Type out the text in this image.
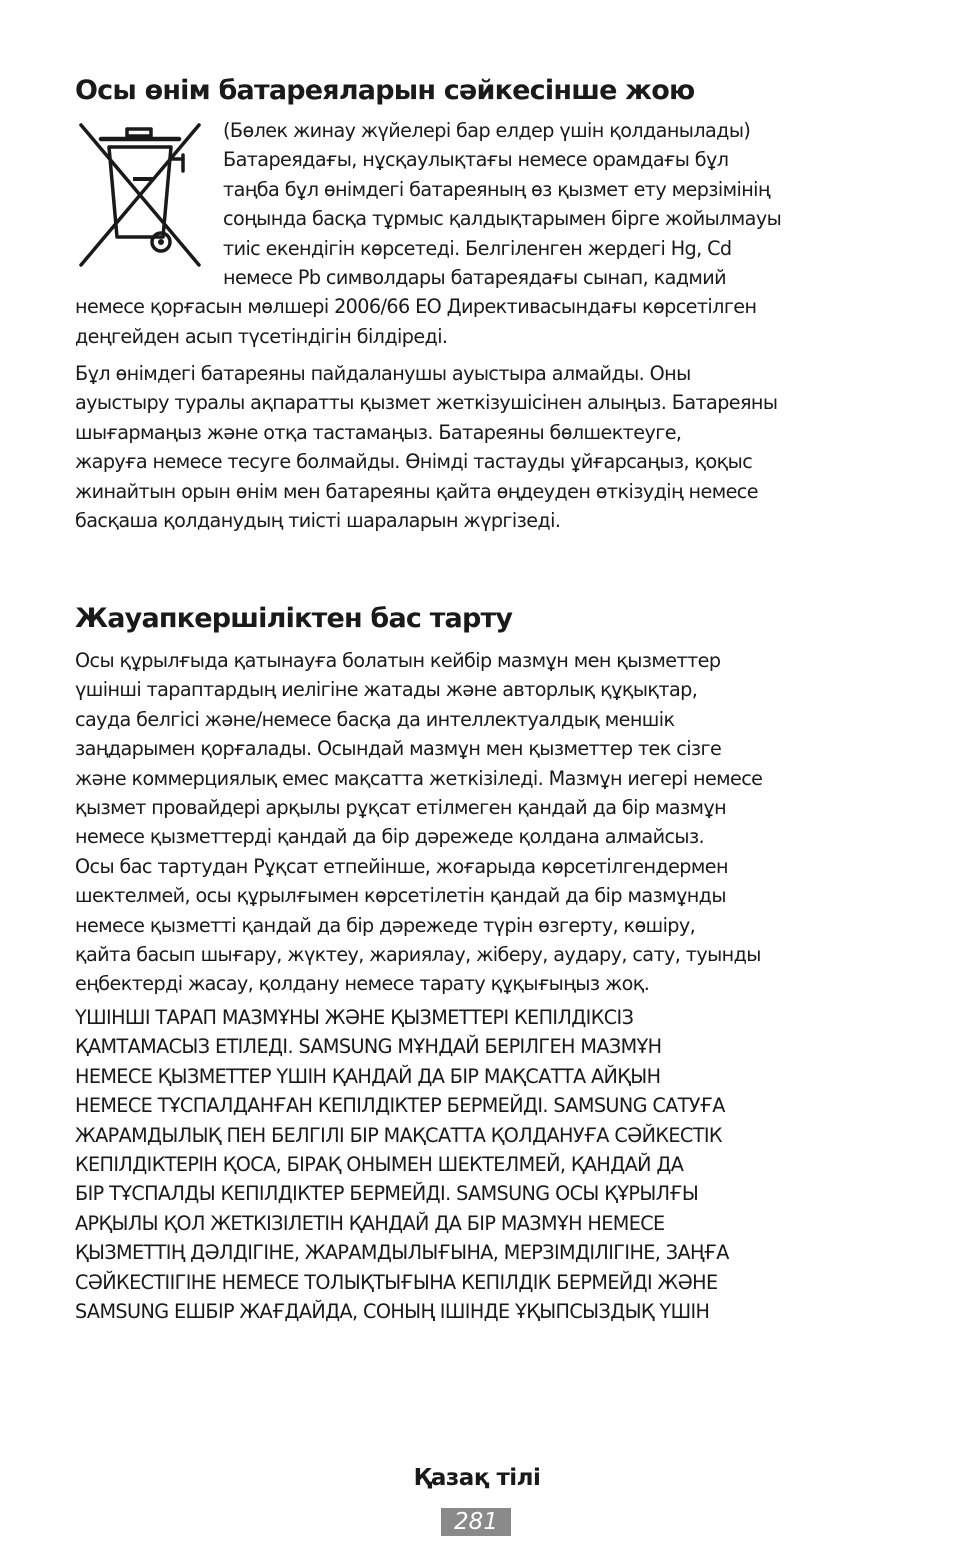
Осы өнім батареяларын сәйкесінше жою

(Бөлек жинау жүйелері бар елдер үшін қолданылады)
Батареядағы, нұсқаулықтағы немесе орамдағы бұл
таңба бұл өнімдегі батареяның өз қызмет ету мерзімінің
соңында басқа тұрмыс қалдықтарымен бірге жойылмауы
тиіс екендігін көрсетеді. Белгіленген жердегі Hg, Cd
немесе Pb символдары батареядағы сынап, кадмий
немесе қорғасын мөлшері 2006/66 ЕО Директивасындағы көрсетілген
деңгейден асып түсетіндігін білдіреді.

Бұл өнімдегі батареяны пайдаланушы ауыстыра алмайды. Оны
ауыстыру туралы ақпаратты қызмет жеткізушісінен алыңыз. Батареяны
шығармаңыз және отқа тастамаңыз. Батареяны бөлшектеуге,
жаруға немесе тесуге болмайды. Өнімді тастауды ұйғарсаңыз, қоқыс
жинайтын орын өнім мен батареяны қайта өңдеуден өткізудің немесе
басқаша қолданудың тиісті шараларын жүргізеді.

Жауапкершіліктен бас тарту

Осы құрылғыда қатынауға болатын кейбір мазмұн мен қызметтер
үшінші тараптардың иелігіне жатады және авторлық құқықтар,
сауда белгісі және/немесе басқа да интеллектуалдық меншік
заңдарымен қорғалады. Осындай мазмұн мен қызметтер тек сізге
және коммерциялық емес мақсатта жеткізіледі. Мазмұн иегері немесе
қызмет провайдері арқылы рұқсат етілмеген қандай да бір мазмұн
немесе қызметтерді қандай да бір дәрежеде қолдана алмайсыз.
Осы бас тартудан Рұқсат етпейінше, жоғарыда көрсетілгендермен
шектелмей, осы құрылғымен көрсетілетін қандай да бір мазмұнды
немесе қызметті қандай да бір дәрежеде түрін өзгерту, көшіру,
қайта басып шығару, жүктеу, жариялау, жіберу, аудару, сату, туынды
еңбектерді жасау, қолдану немесе тарату құқығыңыз жоқ.

ҮШІНШІ ТАРАП МАЗМҰНЫ ЖӘНЕ ҚЫЗМЕТТЕРІ КЕПІЛДІКСІЗ
ҚАМТАМАСЫЗ ЕТІЛЕДІ. SAMSUNG МҰНДАЙ БЕРІЛГЕН МАЗМҰН
НЕМЕСЕ ҚЫЗМЕТТЕР ҮШІН ҚАНДАЙ ДА БІР МАҚСАТТА АЙҚЫН
НЕМЕСЕ ТҰСПАЛДАНҒАН КЕПІЛДІКТЕР БЕРМЕЙДІ. SAMSUNG САТУҒА
ЖАРАМДЫЛЫҚ ПЕН БЕЛГІЛІ БІР МАҚСАТТА ҚОЛДАНУҒА СӘЙКЕСТІК
КЕПІЛДІКТЕРІН ҚОСА, БІРАҚ ОНЫМЕН ШЕКТЕЛМЕЙ, ҚАНДАЙ ДА
БІР ТҰСПАЛДЫ КЕПІЛДІКТЕР БЕРМЕЙДІ. SAMSUNG ОСЫ ҚҰРЫЛҒЫ
АРҚЫЛЫ ҚОЛ ЖЕТКІЗІЛЕТІН ҚАНДАЙ ДА БІР МАЗМҰН НЕМЕСЕ
ҚЫЗМЕТТІҢ ДӘЛДІГІНЕ, ЖАРАМДЫЛЫҒЫНА, МЕРЗІМДІЛІГІНЕ, ЗАҢҒА
СӘЙКЕСТІІГІНЕ НЕМЕСЕ ТОЛЫҚТЫҒЫНА КЕПІЛДІК БЕРМЕЙДІ ЖӘНЕ
SAMSUNG ЕШБІР ЖАҒДАЙДА, СОНЫҢ ІШІНДЕ ҰҚЫПСЫЗДЫҚ ҮШІН

Қазақ тілі
281
